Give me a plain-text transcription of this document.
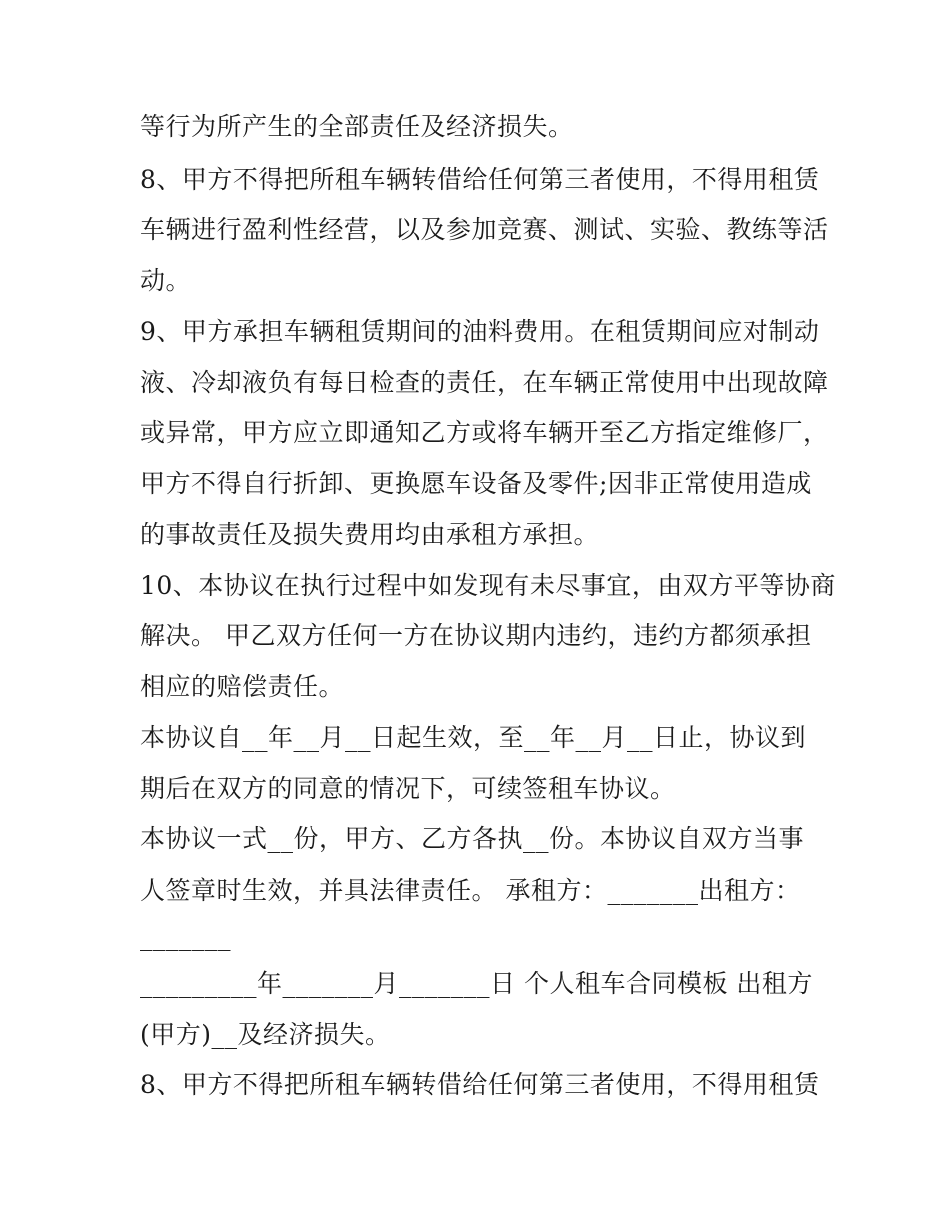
等行为所产生的全部责任及经济损失。
8、甲方不得把所租车辆转借给任何第三者使用，不得用租赁
车辆进行盈利性经营，以及参加竞赛、测试、实验、教练等活
动。
9、甲方承担车辆租赁期间的油料费用。在租赁期间应对制动
液、冷却液负有每日检查的责任，在车辆正常使用中出现故障
或异常，甲方应立即通知乙方或将车辆开至乙方指定维修厂，
甲方不得自行折卸、更换愿车设备及零件;因非正常使用造成
的事故责任及损失费用均由承租方承担。
10、本协议在执行过程中如发现有未尽事宜，由双方平等协商
解决。 甲乙双方任何一方在协议期内违约，违约方都须承担
相应的赔偿责任。
本协议自__年__月__日起生效，至__年__月__日止，协议到
期后在双方的同意的情况下，可续签租车协议。
本协议一式__份，甲方、乙方各执__份。本协议自双方当事
人签章时生效，并具法律责任。 承租方：_______出租方：
_______
_________年_______月_______日 个人租车合同模板 出租方
(甲方)__及经济损失。
8、甲方不得把所租车辆转借给任何第三者使用，不得用租赁
